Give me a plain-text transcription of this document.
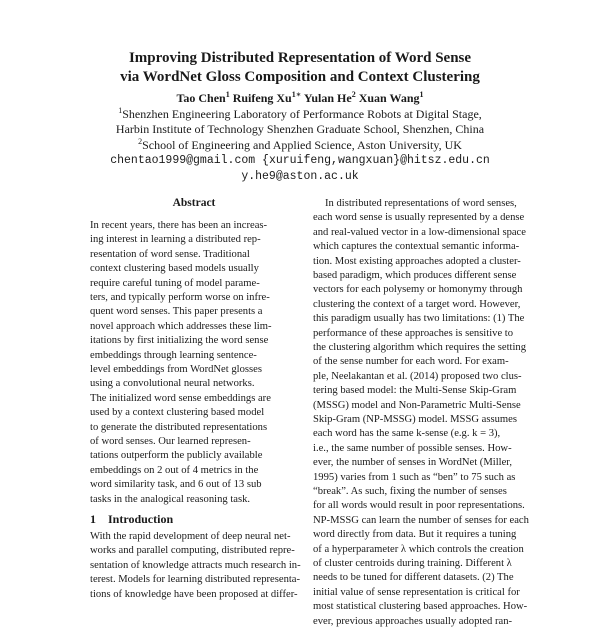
Improving Distributed Representation of Word Sense
via WordNet Gloss Composition and Context Clustering
Tao Chen$^1$ Ruifeng $Xu^{1∗}$ Yulan He$^2$ Xuan Wang$^1$
$^1$Shenzhen Engineering Laboratory of Performance Robots at Digital Stage,
Harbin Institute of Technology Shenzhen Graduate School, Shenzhen, China
$^2$School of Engineering and Applied Science, Aston University, UK
chentao1999@gmail.com {xuruifeng,wangxuan}@hitsz.edu.cn
y.he9@aston.ac.uk
Abstract
In recent years, there has been an increas-
ing interest in learning a distributed rep-
resentation of word sense. Traditional
context clustering based models usually
require careful tuning of model parame-
ters, and typically perform worse on infre-
quent word senses. This paper presents a
novel approach which addresses these lim-
itations by first initializing the word sense
embeddings through learning sentence-
level embeddings from WordNet glosses
using a convolutional neural networks.
The initialized word sense embeddings are
used by a context clustering based model
to generate the distributed representations
of word senses. Our learned represen-
tations outperform the publicly available
embeddings on 2 out of 4 metrics in the
word similarity task, and 6 out of 13 sub
tasks in the analogical reasoning task.
1 Introduction
With the rapid development of deep neural net-
works and parallel computing, distributed repre-
sentation of knowledge attracts much research in-
terest. Models for learning distributed representa-
tions of knowledge have been proposed at differ-
In distributed representations of word senses,
each word sense is usually represented by a dense
and real-valued vector in a low-dimensional space
which captures the contextual semantic informa-
tion. Most existing approaches adopted a cluster-
based paradigm, which produces different sense
vectors for each polysemy or homonymy through
clustering the context of a target word. However,
this paradigm usually has two limitations: (1) The
performance of these approaches is sensitive to
the clustering algorithm which requires the setting
of the sense number for each word. For exam-
ple, Neelakantan et al. (2014) proposed two clus-
tering based model: the Multi-Sense Skip-Gram
(MSSG) model and Non-Parametric Multi-Sense
Skip-Gram (NP-MSSG) model. MSSG assumes
each word has the same k-sense (e.g. k = 3),
i.e., the same number of possible senses. How-
ever, the number of senses in WordNet (Miller,
1995) varies from 1 such as “ben” to 75 such as
“break”. As such, fixing the number of senses
for all words would result in poor representations.
NP-MSSG can learn the number of senses for each
word directly from data. But it requires a tuning
of a hyperparameter λ which controls the creation
of cluster centroids during training. Different λ
needs to be tuned for different datasets. (2) The
initial value of sense representation is critical for
most statistical clustering based approaches. How-
ever, previous approaches usually adopted ran-
